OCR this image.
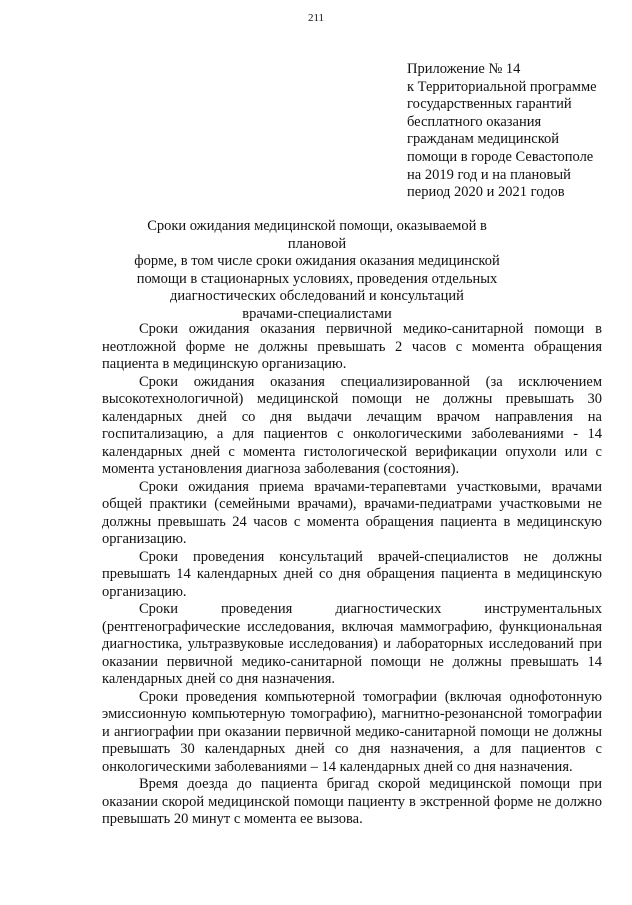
211
Приложение № 14
к Территориальной программе
государственных гарантий
бесплатного оказания
гражданам медицинской
помощи в городе Севастополе
на 2019 год и на плановый
период 2020 и 2021 годов
Сроки ожидания медицинской помощи, оказываемой в плановой
форме, в том числе сроки ожидания оказания медицинской
помощи в стационарных условиях, проведения отдельных
диагностических обследований и консультаций
врачами-специалистами

Сроки ожидания оказания первичной медико-санитарной помощи в неотложной форме не должны превышать 2 часов с момента обращения пациента в медицинскую организацию.

Сроки ожидания оказания специализированной (за исключением высокотехнологичной) медицинской помощи не должны превышать 30 календарных дней со дня выдачи лечащим врачом направления на госпитализацию, а для пациентов с онкологическими заболеваниями - 14 календарных дней с момента гистологической верификации опухоли или с момента установления диагноза заболевания (состояния).

Сроки ожидания приема врачами-терапевтами участковыми, врачами общей практики (семейными врачами), врачами-педиатрами участковыми не должны превышать 24 часов с момента обращения пациента в медицинскую организацию.

Сроки проведения консультаций врачей-специалистов не должны превышать 14 календарных дней со дня обращения пациента в медицинскую организацию.

Сроки проведения диагностических инструментальных (рентгенографические исследования, включая маммографию, функциональная диагностика, ультразвуковые исследования) и лабораторных исследований при оказании первичной медико-санитарной помощи не должны превышать 14 календарных дней со дня назначения.

Сроки проведения компьютерной томографии (включая однофотонную эмиссионную компьютерную томографию), магнитно-резонансной томографии и ангиографии при оказании первичной медико-санитарной помощи не должны превышать 30 календарных дней со дня назначения, а для пациентов с онкологическими заболеваниями – 14 календарных дней со дня назначения.

Время доезда до пациента бригад скорой медицинской помощи при оказании скорой медицинской помощи пациенту в экстренной форме не должно превышать 20 минут с момента ее вызова.
